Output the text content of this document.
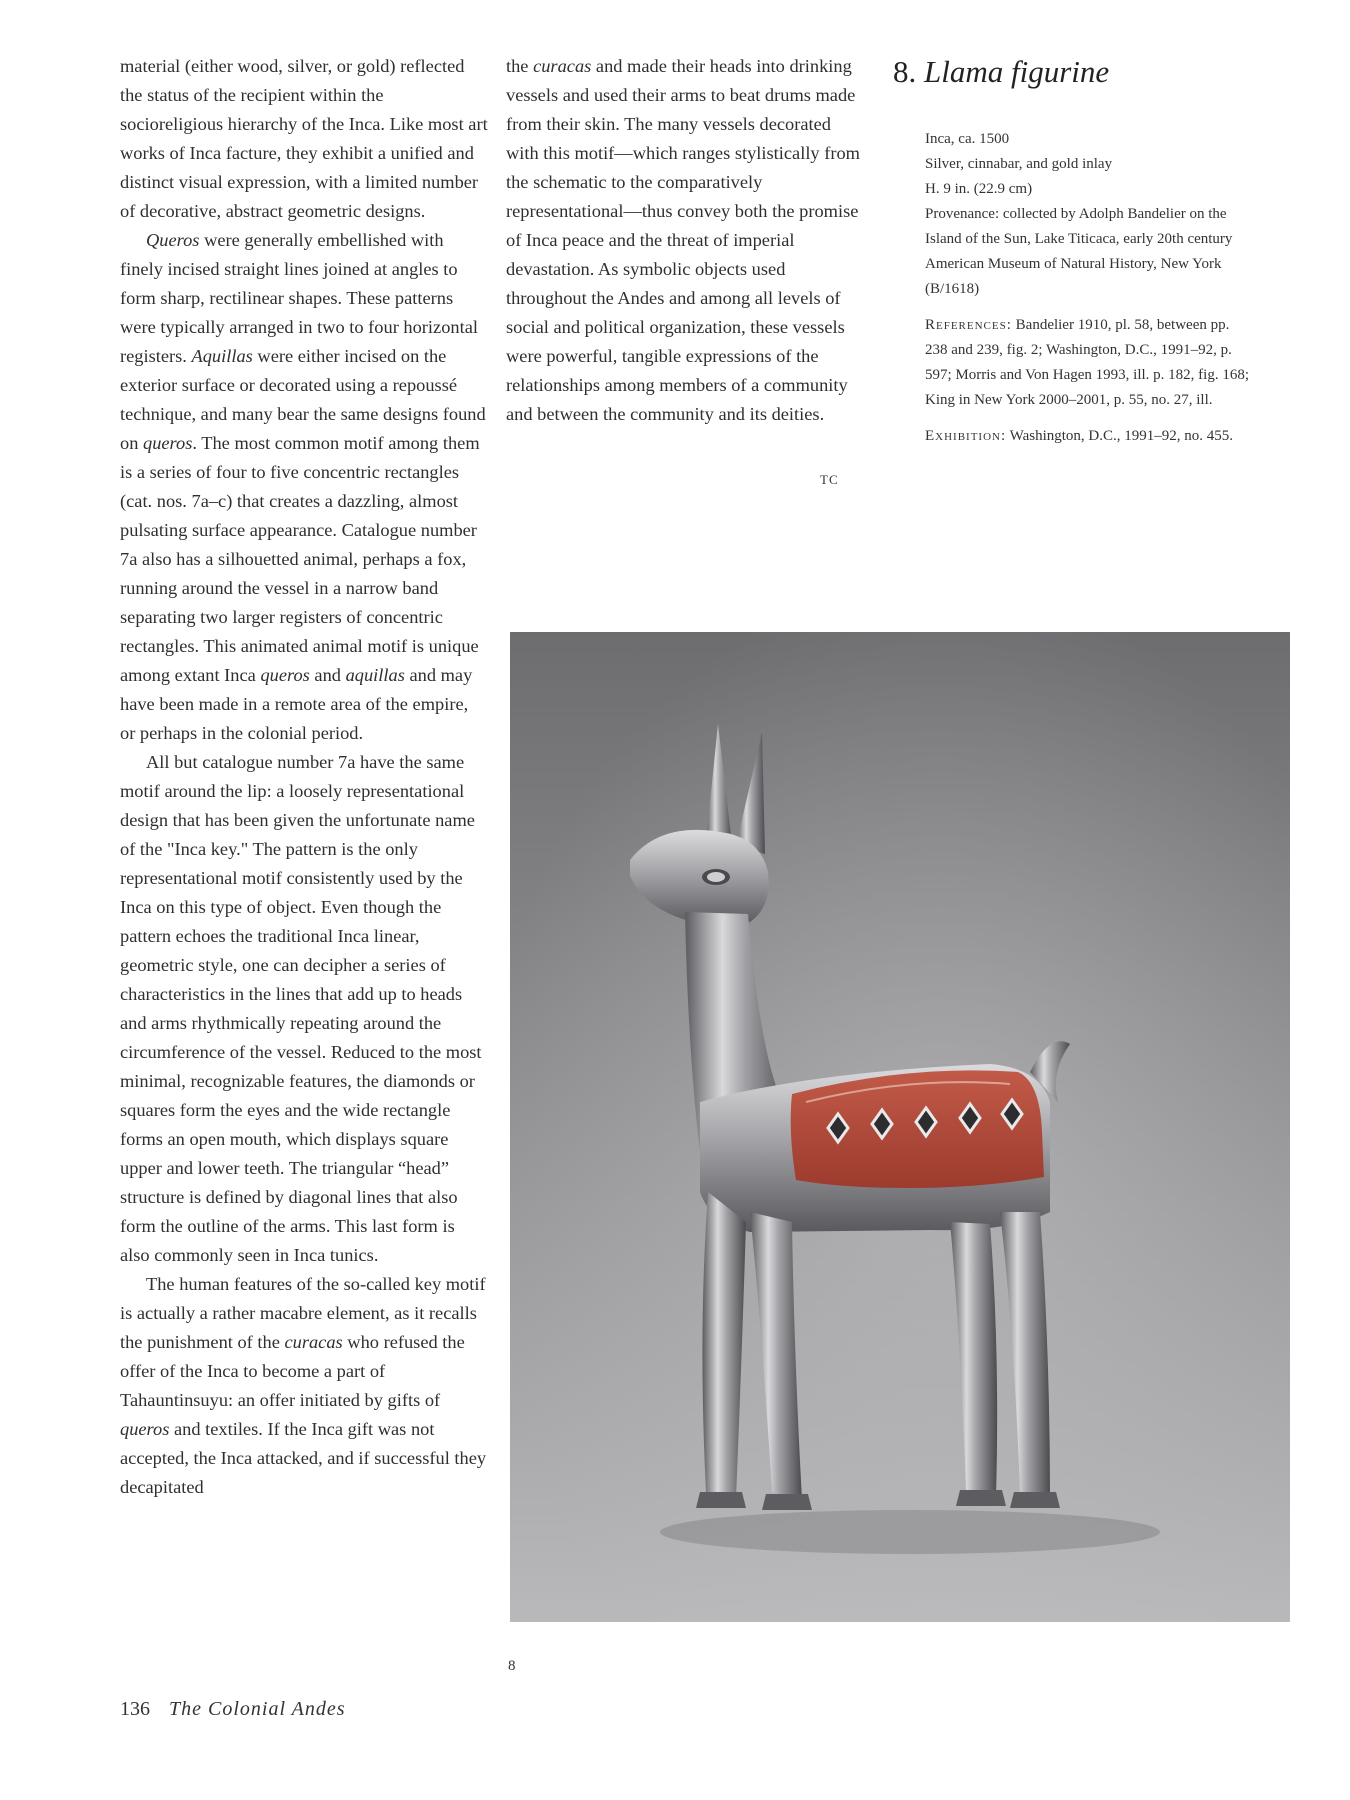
material (either wood, silver, or gold) reflected the status of the recipient within the socioreligious hierarchy of the Inca. Like most art works of Inca facture, they exhibit a unified and distinct visual expression, with a limited number of decorative, abstract geometric designs.

Queros were generally embellished with finely incised straight lines joined at angles to form sharp, rectilinear shapes. These patterns were typically arranged in two to four horizontal registers. Aquillas were either incised on the exterior surface or decorated using a repoussé technique, and many bear the same designs found on queros. The most common motif among them is a series of four to five concentric rectangles (cat. nos. 7a–c) that creates a dazzling, almost pulsating surface appearance. Catalogue number 7a also has a silhouetted animal, perhaps a fox, running around the vessel in a narrow band separating two larger registers of concentric rectangles. This animated animal motif is unique among extant Inca queros and aquillas and may have been made in a remote area of the empire, or perhaps in the colonial period.

All but catalogue number 7a have the same motif around the lip: a loosely representational design that has been given the unfortunate name of the "Inca key." The pattern is the only representational motif consistently used by the Inca on this type of object. Even though the pattern echoes the traditional Inca linear, geometric style, one can decipher a series of characteristics in the lines that add up to heads and arms rhythmically repeating around the circumference of the vessel. Reduced to the most minimal, recognizable features, the diamonds or squares form the eyes and the wide rectangle forms an open mouth, which displays square upper and lower teeth. The triangular “head” structure is defined by diagonal lines that also form the outline of the arms. This last form is also commonly seen in Inca tunics.

The human features of the so-called key motif is actually a rather macabre element, as it recalls the punishment of the curacas who refused the offer of the Inca to become a part of Tahauntinsuyu: an offer initiated by gifts of queros and textiles. If the Inca gift was not accepted, the Inca attacked, and if successful they decapitated

the curacas and made their heads into drinking vessels and used their arms to beat drums made from their skin. The many vessels decorated with this motif—which ranges stylistically from the schematic to the comparatively representational—thus convey both the promise of Inca peace and the threat of imperial devastation. As symbolic objects used throughout the Andes and among all levels of social and political organization, these vessels were powerful, tangible expressions of the relationships among members of a community and between the community and its deities.

TC
8. Llama figurine

Inca, ca. 1500

Silver, cinnabar, and gold inlay

H. 9 in. (22.9 cm)

Provenance: collected by Adolph Bandelier on the Island of the Sun, Lake Titicaca, early 20th century

American Museum of Natural History, New York (B/1618)

References: Bandelier 1910, pl. 58, between pp. 238 and 239, fig. 2; Washington, D.C., 1991–92, p. 597; Morris and Von Hagen 1993, ill. p. 182, fig. 168; King in New York 2000–2001, p. 55, no. 27, ill.

Exhibition: Washington, D.C., 1991–92, no. 455.

8
136 The Colonial Andes
